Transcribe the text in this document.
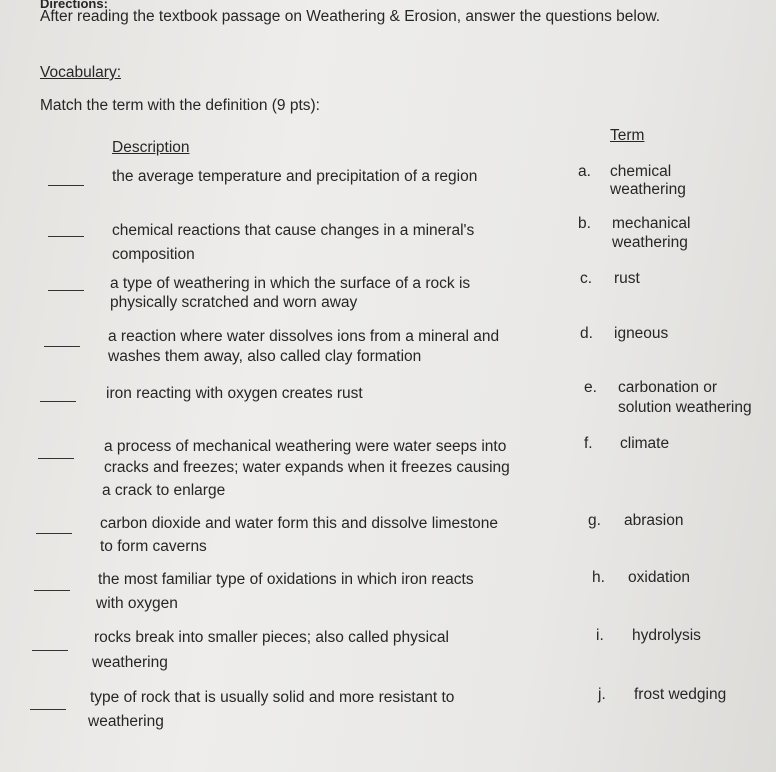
Directions:
After reading the textbook passage on Weathering & Erosion, answer the questions below.
Vocabulary:
Match the term with the definition (9 pts):
Description
Term
the average temperature and precipitation of a region	a. chemical
weathering
chemical reactions that cause changes in a mineral's
composition
b. mechanical
weathering
a type of weathering in which the surface of a rock is
physically scratched and worn away
c. rust
a reaction where water dissolves ions from a mineral and
washes them away, also called clay formation
d. igneous
iron reacting with oxygen creates rust	e. carbonation or
solution weathering
a process of mechanical weathering were water seeps into
cracks and freezes; water expands when it freezes causing
a crack to enlarge
f. climate
carbon dioxide and water form this and dissolve limestone
to form caverns
g. abrasion
the most familiar type of oxidations in which iron reacts
with oxygen
h. oxidation
rocks break into smaller pieces; also called physical
weathering
i. hydrolysis
type of rock that is usually solid and more resistant to
weathering
j. frost wedging
